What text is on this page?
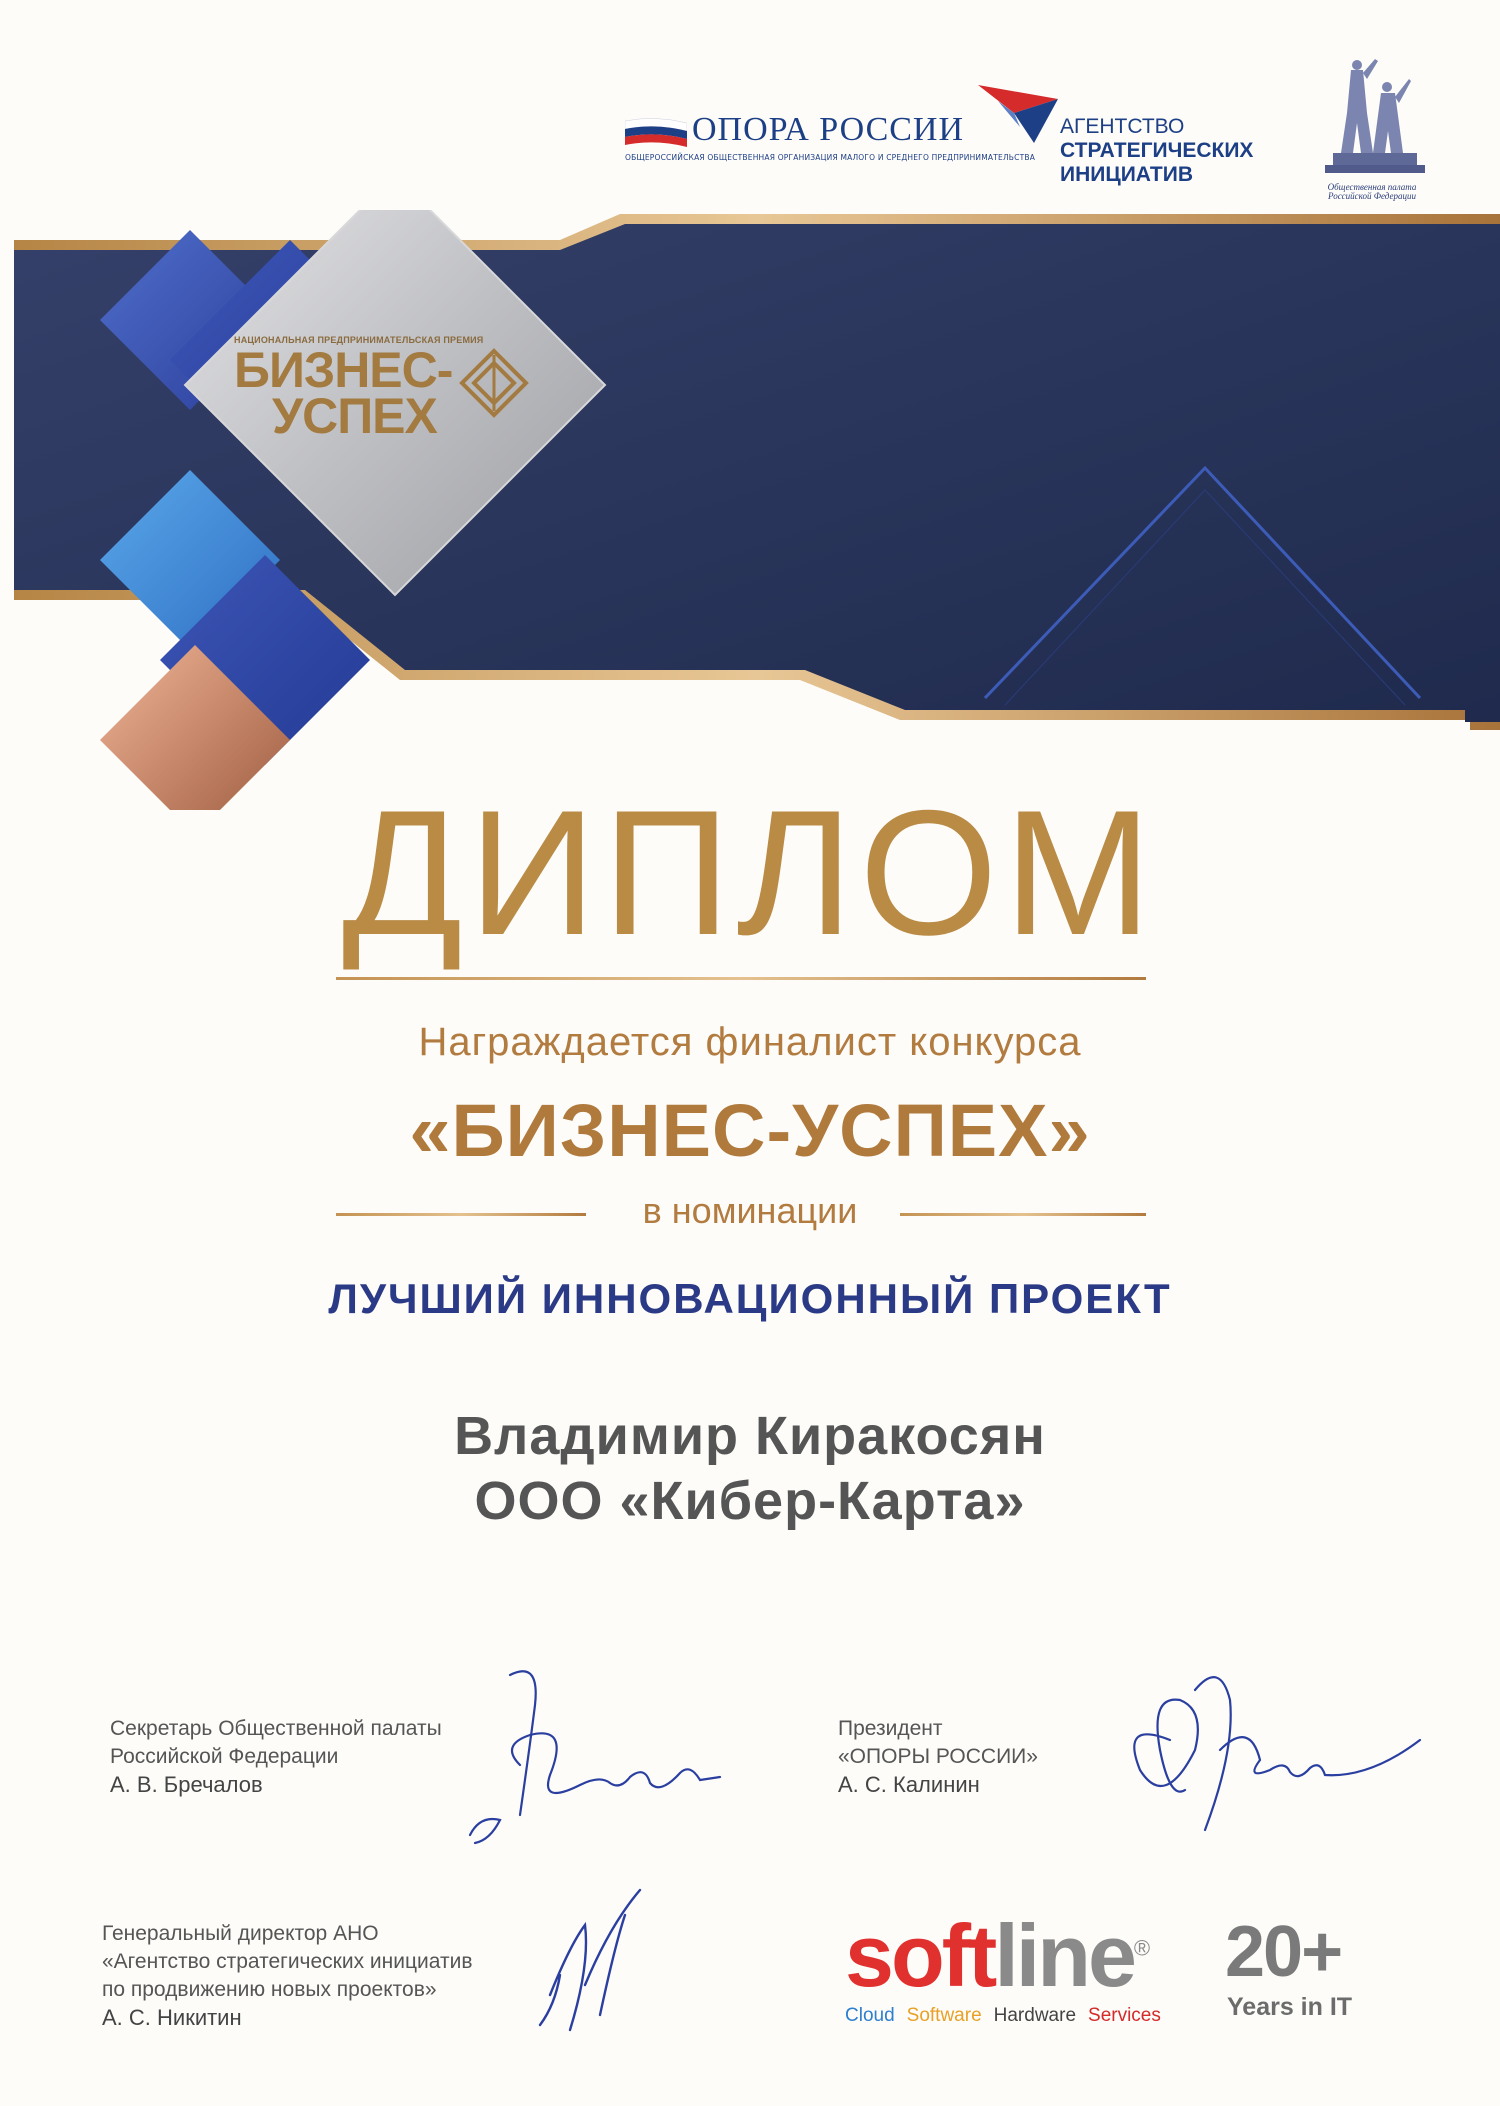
ОПОРА РОССИИ
ОБЩЕРОССИЙСКАЯ ОБЩЕСТВЕННАЯ ОРГАНИЗАЦИЯ МАЛОГО И СРЕДНЕГО ПРЕДПРИНИМАТЕЛЬСТВА
АГЕНТСТВО
СТРАТЕГИЧЕСКИХ
ИНИЦИАТИВ
Общественная палата Российской Федерации
НАЦИОНАЛЬНАЯ ПРЕДПРИНИМАТЕЛЬСКАЯ ПРЕМИЯ
БИЗНЕС-
УСПЕХ
ДИПЛОМ
Награждается финалист конкурса
«БИЗНЕС-УСПЕХ»
в номинации
ЛУЧШИЙ ИННОВАЦИОННЫЙ ПРОЕКТ
Владимир Киракосян
ООО «Кибер-Карта»
Секретарь Общественной палаты
Российской Федерации
А. В. Бречалов
Президент
«ОПОРЫ РОССИИ»
А. С. Калинин
Генеральный директор АНО
«Агентство стратегических инициатив
по продвижению новых проектов»
А. С. Никитин
softline®
Cloud Software Hardware Services
20+
Years in IT
